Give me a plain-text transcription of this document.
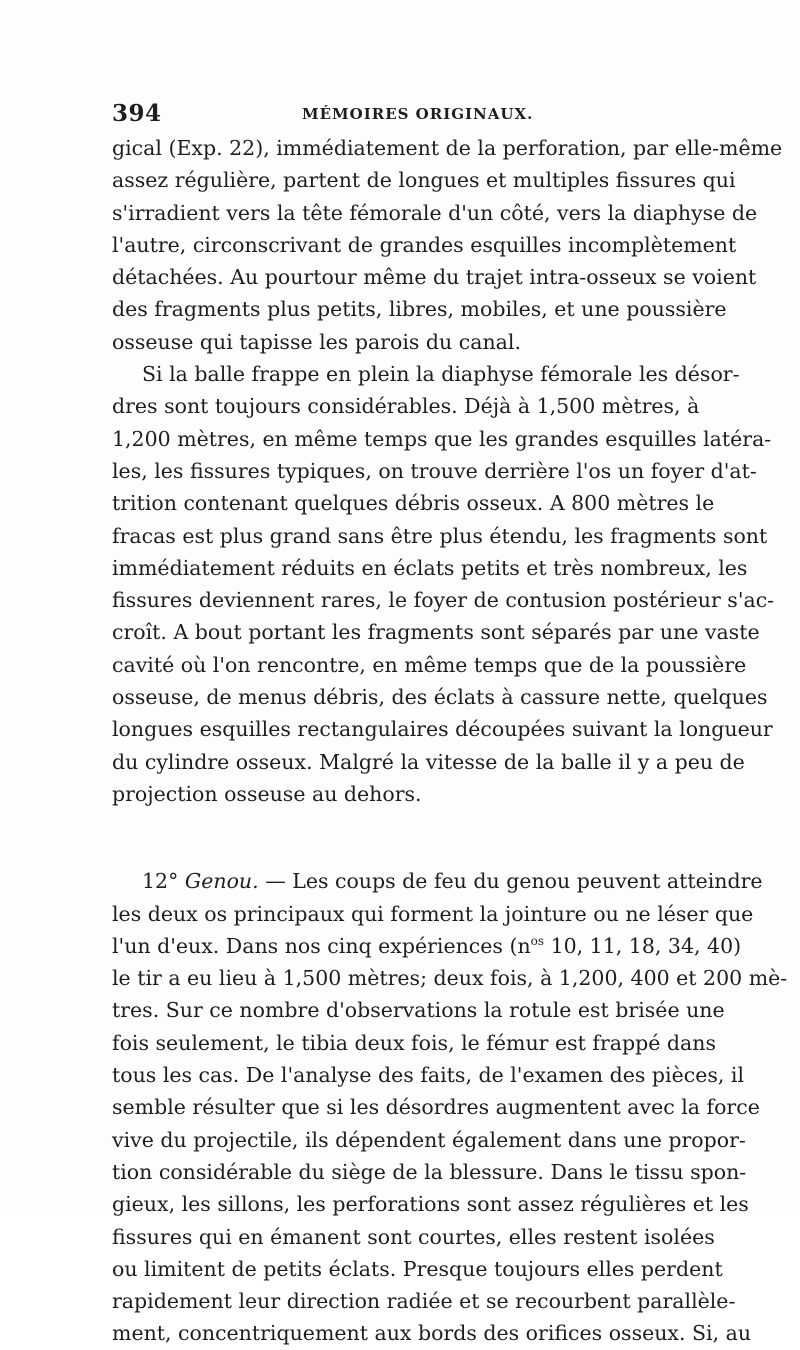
394	MÉMOIRES ORIGINAUX.
gical (Exp. 22), immédiatement de la perforation, par elle-même
assez régulière, partent de longues et multiples fissures qui
s'irradient vers la tête fémorale d'un côté, vers la diaphyse de
l'autre, circonscrivant de grandes esquilles incomplètement
détachées. Au pourtour même du trajet intra-osseux se voient
des fragments plus petits, libres, mobiles, et une poussière
osseuse qui tapisse les parois du canal.
Si la balle frappe en plein la diaphyse fémorale les désor-
dres sont toujours considérables. Déjà à 1,500 mètres, à
1,200 mètres, en même temps que les grandes esquilles latéra-
les, les fissures typiques, on trouve derrière l'os un foyer d'at-
trition contenant quelques débris osseux. A 800 mètres le
fracas est plus grand sans être plus étendu, les fragments sont
immédiatement réduits en éclats petits et très nombreux, les
fissures deviennent rares, le foyer de contusion postérieur s'ac-
croît. A bout portant les fragments sont séparés par une vaste
cavité où l'on rencontre, en même temps que de la poussière
osseuse, de menus débris, des éclats à cassure nette, quelques
longues esquilles rectangulaires découpées suivant la longueur
du cylindre osseux. Malgré la vitesse de la balle il y a peu de
projection osseuse au dehors.
12° Genou. — Les coups de feu du genou peuvent atteindre
les deux os principaux qui forment la jointure ou ne léser que
l'un d'eux. Dans nos cinq expériences ($n^{os}$ 10, 11, 18, 34, 40)
le tir a eu lieu à 1,500 mètres; deux fois, à 1,200, 400 et 200 mè-
tres. Sur ce nombre d'observations la rotule est brisée une
fois seulement, le tibia deux fois, le fémur est frappé dans
tous les cas. De l'analyse des faits, de l'examen des pièces, il
semble résulter que si les désordres augmentent avec la force
vive du projectile, ils dépendent également dans une propor-
tion considérable du siège de la blessure. Dans le tissu spon-
gieux, les sillons, les perforations sont assez régulières et les
fissures qui en émanent sont courtes, elles restent isolées
ou limitent de petits éclats. Presque toujours elles perdent
rapidement leur direction radiée et se recourbent parallèle-
ment, concentriquement aux bords des orifices osseux. Si, au
